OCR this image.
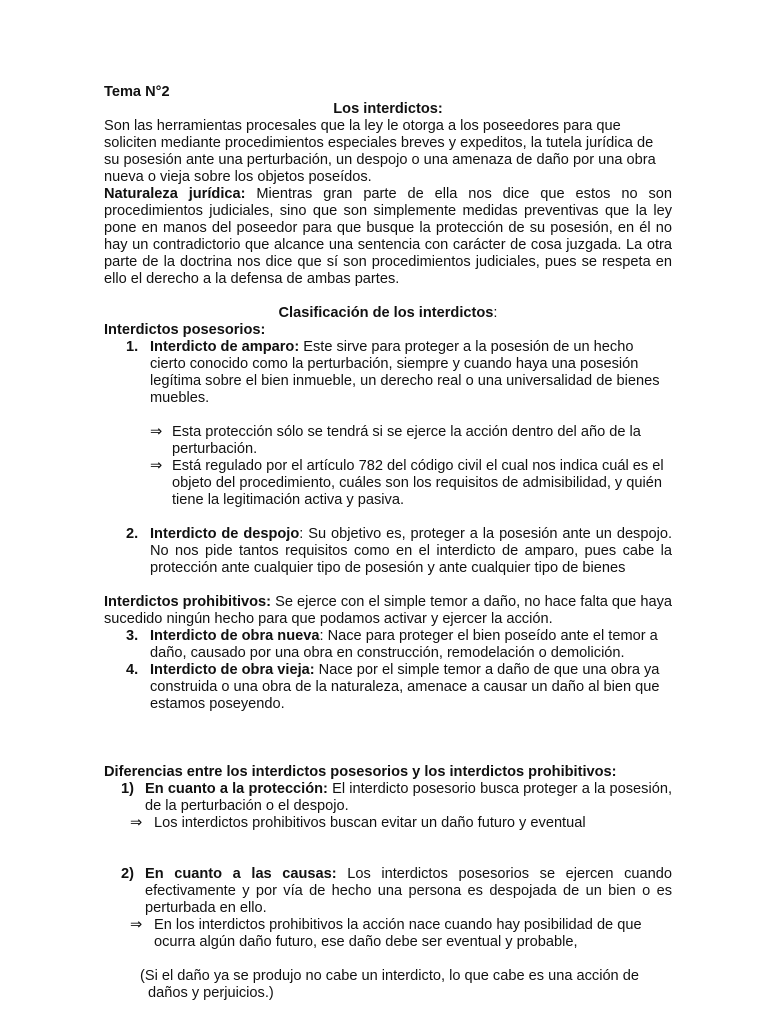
Tema N°2

Los interdictos:

Son las herramientas procesales que la ley le otorga a los poseedores para que soliciten mediante procedimientos especiales breves y expeditos, la tutela jurídica de su posesión ante una perturbación, un despojo o una amenaza de daño por una obra nueva o vieja sobre los objetos poseídos.

Naturaleza jurídica: Mientras gran parte de ella nos dice que estos no son procedimientos judiciales, sino que son simplemente medidas preventivas que la ley pone en manos del poseedor para que busque la protección de su posesión, en él no hay un contradictorio que alcance una sentencia con carácter de cosa juzgada. La otra parte de la doctrina nos dice que sí son procedimientos judiciales, pues se respeta en ello el derecho a la defensa de ambas partes.

Clasificación de los interdictos:

Interdictos posesorios:

1. Interdicto de amparo: Este sirve para proteger a la posesión de un hecho cierto conocido como la perturbación, siempre y cuando haya una posesión legítima sobre el bien inmueble, un derecho real o una universalidad de bienes muebles.
⇒ Esta protección sólo se tendrá si se ejerce la acción dentro del año de la perturbación.
⇒ Está regulado por el artículo 782 del código civil el cual nos indica cuál es el objeto del procedimiento, cuáles son los requisitos de admisibilidad, y quién tiene la legitimación activa y pasiva.
2. Interdicto de despojo: Su objetivo es, proteger a la posesión ante un despojo. No nos pide tantos requisitos como en el interdicto de amparo, pues cabe la protección ante cualquier tipo de posesión y ante cualquier tipo de bienes

Interdictos prohibitivos: Se ejerce con el simple temor a daño, no hace falta que haya sucedido ningún hecho para que podamos activar y ejercer la acción.

3. Interdicto de obra nueva: Nace para proteger el bien poseído ante el temor a daño, causado por una obra en construcción, remodelación o demolición.
4. Interdicto de obra vieja: Nace por el simple temor a daño de que una obra ya construida o una obra de la naturaleza, amenace a causar un daño al bien que estamos poseyendo.

Diferencias entre los interdictos posesorios y los interdictos prohibitivos:

1) En cuanto a la protección: El interdicto posesorio busca proteger a la posesión, de la perturbación o el despojo.
⇒ Los interdictos prohibitivos buscan evitar un daño futuro y eventual
2) En cuanto a las causas: Los interdictos posesorios se ejercen cuando efectivamente y por vía de hecho una persona es despojada de un bien o es perturbada en ello.
⇒ En los interdictos prohibitivos la acción nace cuando hay posibilidad de que ocurra algún daño futuro, ese daño debe ser eventual y probable,
(Si el daño ya se produjo no cabe un interdicto, lo que cabe es una acción de
daños y perjuicios.)
